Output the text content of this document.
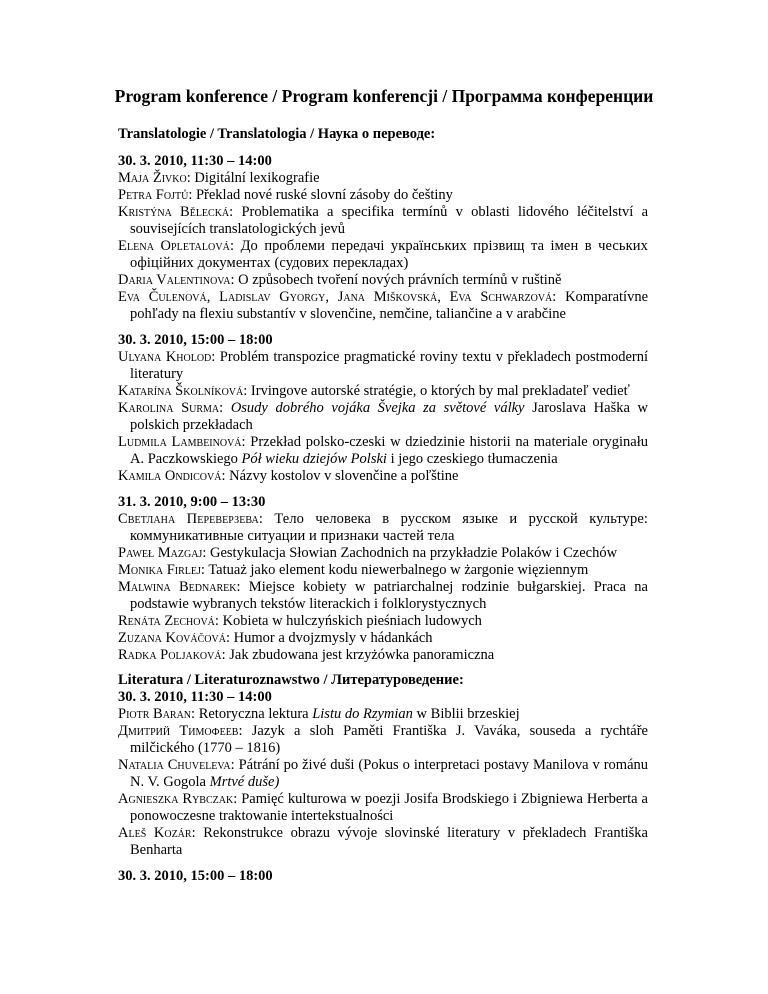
Program konference / Program konferencji / Программа конференции
Translatologie / Translatologia / Наука о переводе:
30. 3. 2010, 11:30 – 14:00
Maja Živko: Digitální lexikografie
Petra Fojtů: Překlad nové ruské slovní zásoby do češtiny
Kristýna Bělecká: Problematika a specifika termínů v oblasti lidového léčitelství a souvisejících translatologických jevů
Elena Opletalová: До проблеми передачі українських прізвищ та імен в чеських офіційних документах (судових перекладах)
Daria Valentinova: O způsobech tvoření nových právních termínů v ruštině
Eva Čulenová, Ladislav Gyorgy, Jana Miškovská, Eva Schwarzová: Komparatívne pohľady na flexiu substantív v slovenčine, nemčine, taliančine a v arabčine
30. 3. 2010, 15:00 – 18:00
Ulyana Kholod: Problém transpozice pragmatické roviny textu v překladech postmoderní literatury
Katarína Školníková: Irvingove autorské stratégie, o ktorých by mal prekladateľ vedieť
Karolina Surma: Osudy dobrého vojáka Švejka za světové války Jaroslava Haška w polskich przekładach
Ludmila Lambeinová: Przekład polsko-czeski w dziedzinie historii na materiale oryginału A. Paczkowskiego Pół wieku dziejów Polski i jego czeskiego tłumaczenia
Kamila Ondicová: Názvy kostolov v slovenčine a poľštine
31. 3. 2010, 9:00 – 13:30
Светлана Переверзева: Тело человека в русском языке и русской культуре: коммуникативные ситуации и признаки частей тела
Paweł Mazgaj: Gestykulacja Słowian Zachodnich na przykładzie Polaków i Czechów
Monika Firlej: Tatuaż jako element kodu niewerbalnego w żargonie więziennym
Malwina Bednarek: Miejsce kobiety w patriarchalnej rodzinie bułgarskiej. Praca na podstawie wybranych tekstów literackich i folklorystycznych
Renáta Zechová: Kobieta w hulczyńskich pieśniach ludowych
Zuzana Kováčová: Humor a dvojzmysly v hádankách
Radka Poljaková: Jak zbudowana jest krzyżówka panoramiczna
Literatura / Literaturoznawstwo / Литературоведение:
30. 3. 2010, 11:30 – 14:00
Piotr Baran: Retoryczna lektura Listu do Rzymian w Biblii brzeskiej
Дмитрий Тимофеев: Jazyk a sloh Paměti Františka J. Vaváka, souseda a rychtáře milčického (1770 – 1816)
Natalia Chuveleva: Pátrání po živé duši (Pokus o interpretaci postavy Manilova v románu N. V. Gogola Mrtvé duše)
Agnieszka Rybczak: Pamięć kulturowa w poezji Josifa Brodskiego i Zbigniewa Herberta a ponowoczesne traktowanie intertekstualności
Aleš Kozár: Rekonstrukce obrazu vývoje slovinské literatury v překladech Františka Benharta
30. 3. 2010, 15:00 – 18:00
